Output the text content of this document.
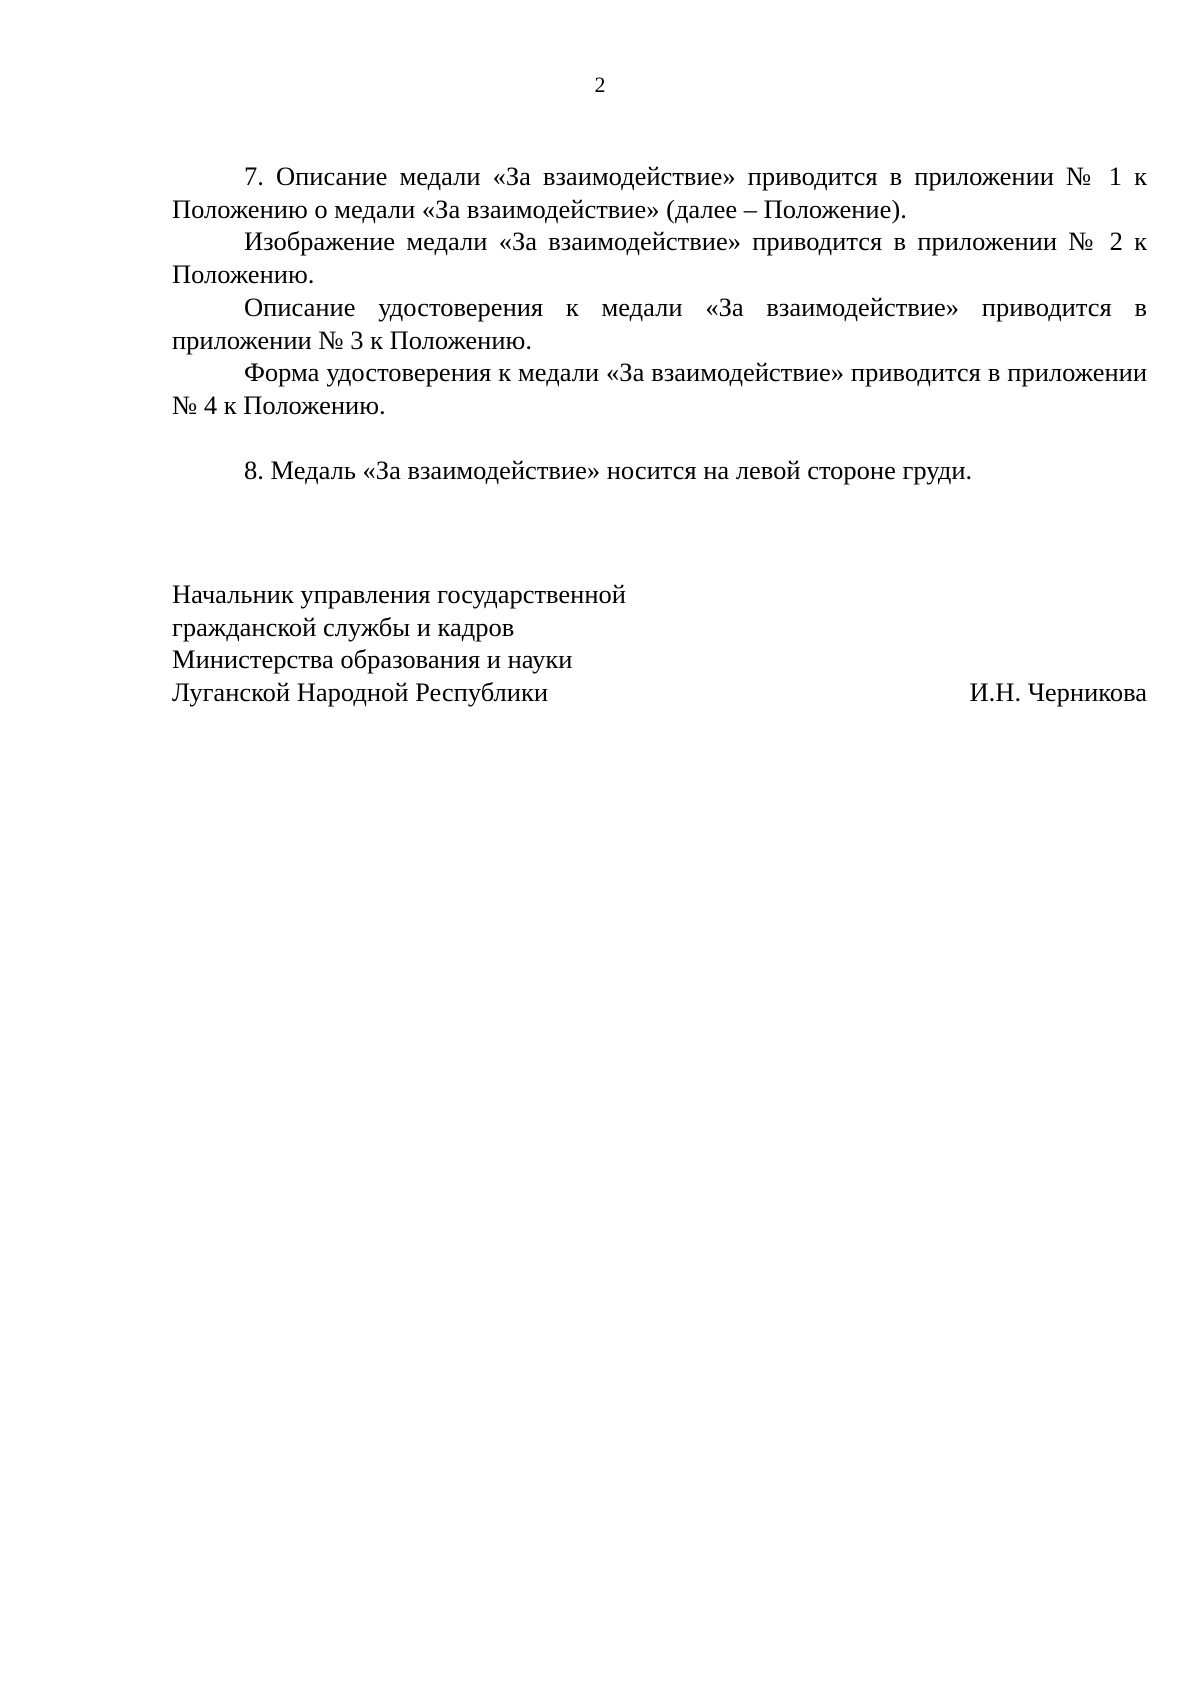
2

7. Описание медали «За взаимодействие» приводится в приложении № 1 к Положению о медали «За взаимодействие» (далее – Положение).

Изображение медали «За взаимодействие» приводится в приложении № 2 к Положению.

Описание удостоверения к медали «За взаимодействие» приводится в приложении № 3 к Положению.

Форма удостоверения к медали «За взаимодействие» приводится в приложении № 4 к Положению.

8. Медаль «За взаимодействие» носится на левой стороне груди.

Начальник управления государственной

гражданской службы и кадров

Министерства образования и науки

Луганской Народной Республики	И.Н. Черникова
